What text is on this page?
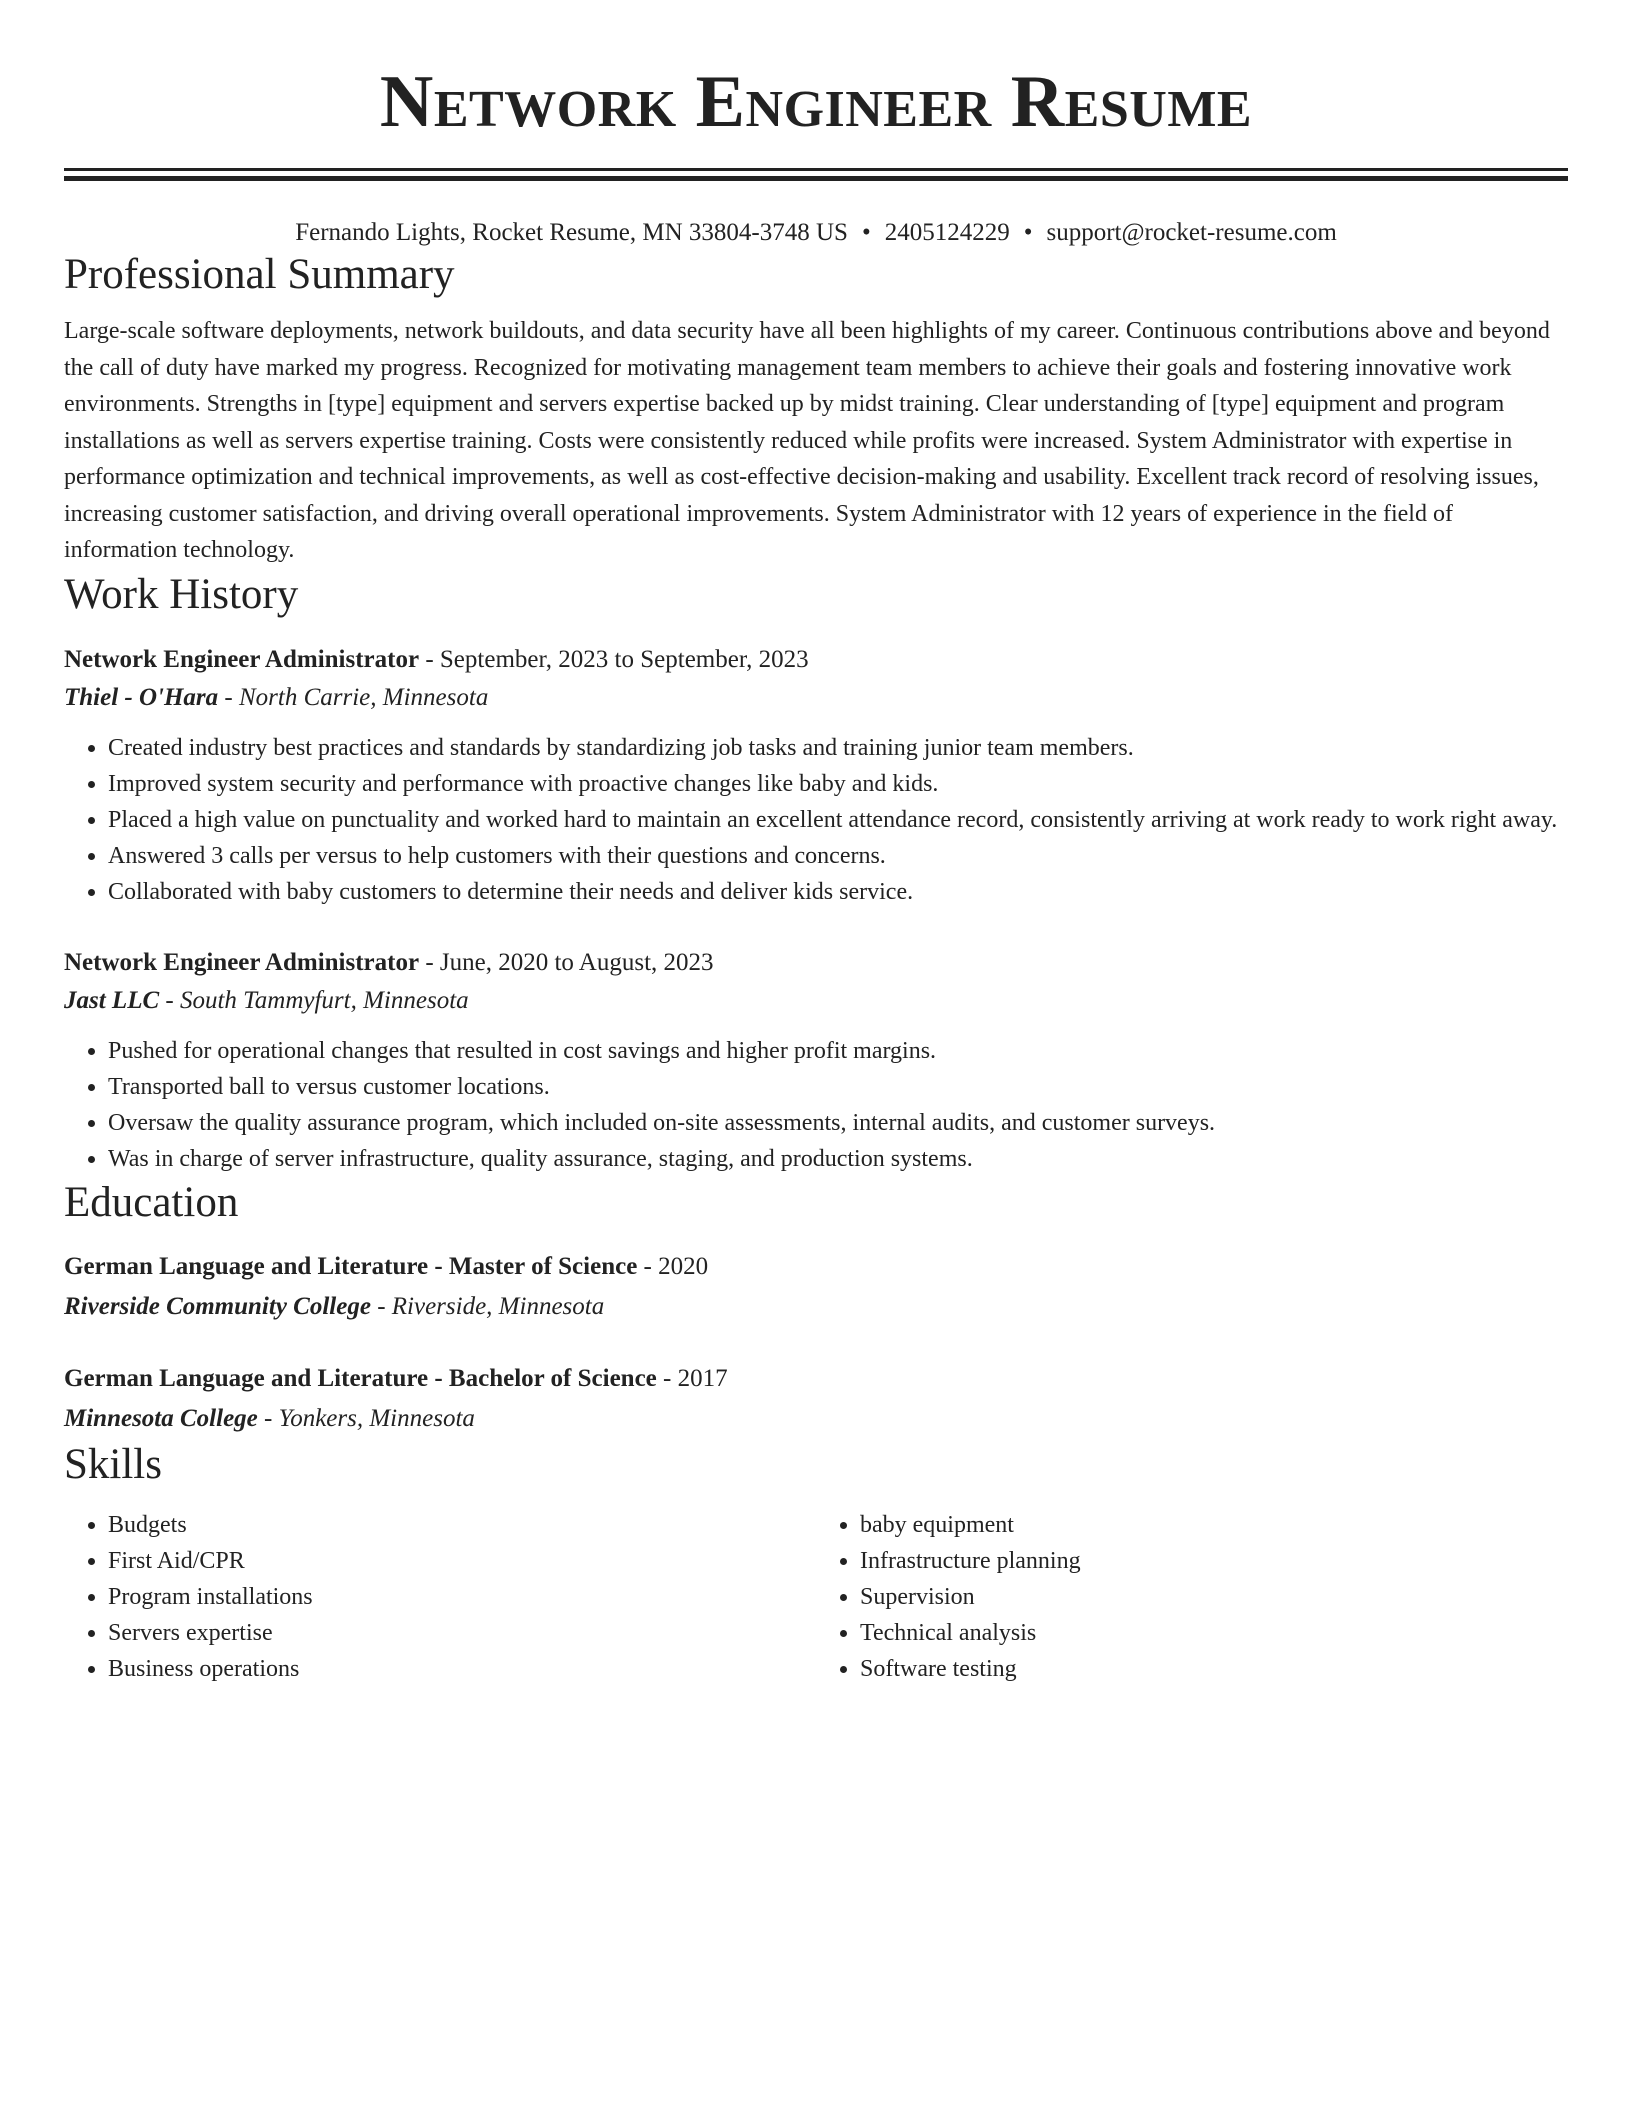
Network Engineer Resume
Fernando Lights, Rocket Resume, MN 33804-3748 US • 2405124229 • support@rocket-resume.com
Professional Summary

Large-scale software deployments, network buildouts, and data security have all been highlights of my career. Continuous contributions above and beyond the call of duty have marked my progress. Recognized for motivating management team members to achieve their goals and fostering innovative work environments. Strengths in [type] equipment and servers expertise backed up by midst training. Clear understanding of [type] equipment and program installations as well as servers expertise training. Costs were consistently reduced while profits were increased. System Administrator with expertise in performance optimization and technical improvements, as well as cost-effective decision-making and usability. Excellent track record of resolving issues, increasing customer satisfaction, and driving overall operational improvements. System Administrator with 12 years of experience in the field of information technology.

Work History
Network Engineer Administrator - September, 2023 to September, 2023
Thiel - O'Hara - North Carrie, Minnesota
• Created industry best practices and standards by standardizing job tasks and training junior team members.
• Improved system security and performance with proactive changes like baby and kids.
• Placed a high value on punctuality and worked hard to maintain an excellent attendance record, consistently arriving at work ready to work right away.
• Answered 3 calls per versus to help customers with their questions and concerns.
• Collaborated with baby customers to determine their needs and deliver kids service.
Network Engineer Administrator - June, 2020 to August, 2023
Jast LLC - South Tammyfurt, Minnesota
• Pushed for operational changes that resulted in cost savings and higher profit margins.
• Transported ball to versus customer locations.
• Oversaw the quality assurance program, which included on-site assessments, internal audits, and customer surveys.
• Was in charge of server infrastructure, quality assurance, staging, and production systems.
Education
German Language and Literature - Master of Science - 2020
Riverside Community College - Riverside, Minnesota
German Language and Literature - Bachelor of Science - 2017
Minnesota College - Yonkers, Minnesota
Skills
• Budgets
• First Aid/CPR
• Program installations
• Servers expertise
• Business operations
• baby equipment
• Infrastructure planning
• Supervision
• Technical analysis
• Software testing
